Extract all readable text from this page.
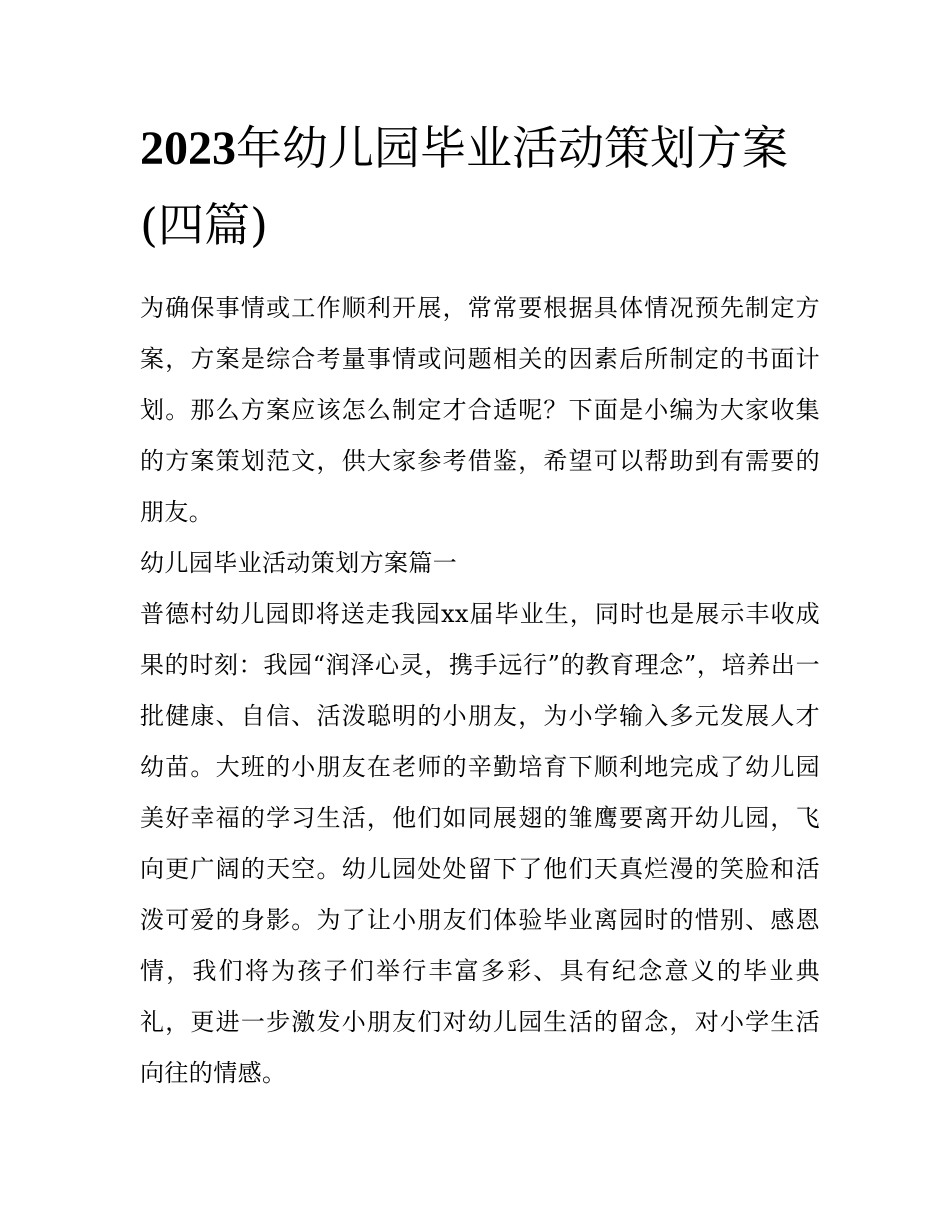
2023年幼儿园毕业活动策划方案(四篇)

为确保事情或工作顺利开展，常常要根据具体情况预先制定方案，方案是综合考量事情或问题相关的因素后所制定的书面计划。那么方案应该怎么制定才合适呢？下面是小编为大家收集的方案策划范文，供大家参考借鉴，希望可以帮助到有需要的朋友。

幼儿园毕业活动策划方案篇一

普德村幼儿园即将送走我园xx届毕业生，同时也是展示丰收成果的时刻：我园“润泽心灵，携手远行”的教育理念”，培养出一批健康、自信、活泼聪明的小朋友，为小学输入多元发展人才幼苗。大班的小朋友在老师的辛勤培育下顺利地完成了幼儿园美好幸福的学习生活，他们如同展翅的雏鹰要离开幼儿园，飞向更广阔的天空。幼儿园处处留下了他们天真烂漫的笑脸和活泼可爱的身影。为了让小朋友们体验毕业离园时的惜别、感恩情，我们将为孩子们举行丰富多彩、具有纪念意义的毕业典礼，更进一步激发小朋友们对幼儿园生活的留念，对小学生活向往的情感。
